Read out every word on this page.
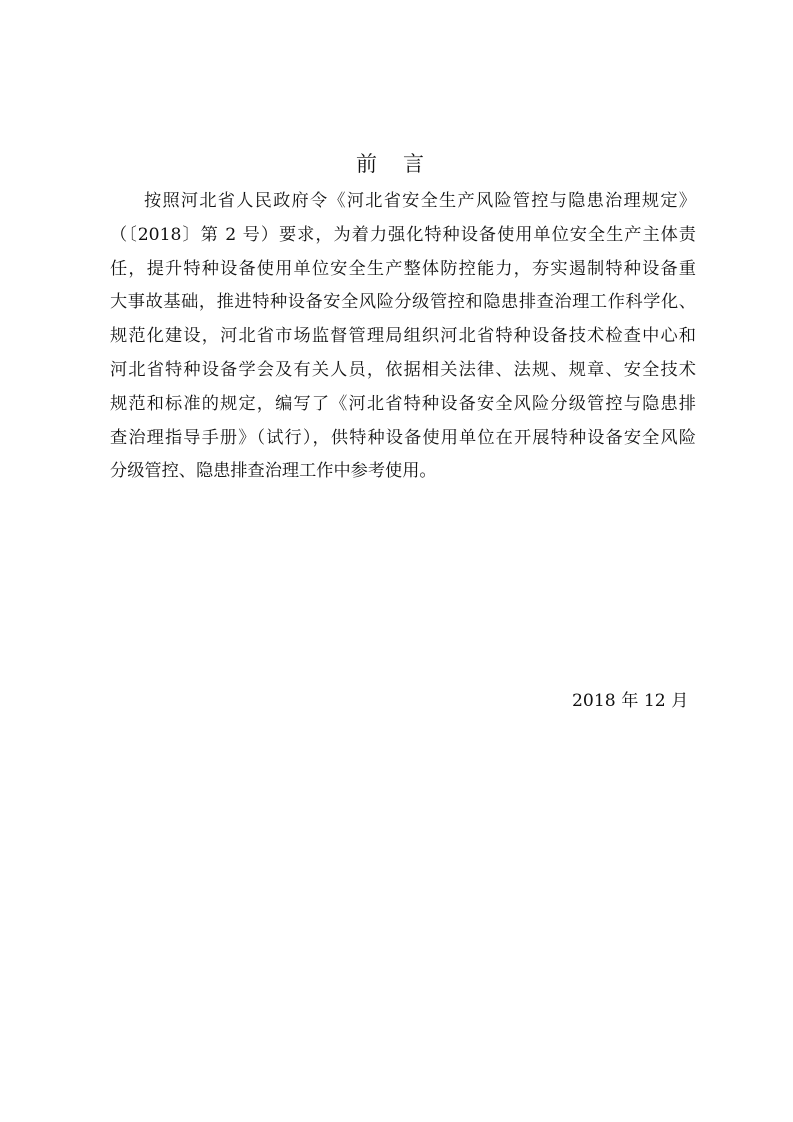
前言

按照河北省人民政府令《河北省安全生产风险管控与隐患治理规定》
（〔2018〕第 2 号）要求，为着力强化特种设备使用单位安全生产主体责
任，提升特种设备使用单位安全生产整体防控能力，夯实遏制特种设备重
大事故基础，推进特种设备安全风险分级管控和隐患排查治理工作科学化、
规范化建设，河北省市场监督管理局组织河北省特种设备技术检查中心和
河北省特种设备学会及有关人员，依据相关法律、法规、规章、安全技术
规范和标准的规定，编写了《河北省特种设备安全风险分级管控与隐患排
查治理指导手册》（试行），供特种设备使用单位在开展特种设备安全风险
分级管控、隐患排查治理工作中参考使用。

2018 年 12 月
